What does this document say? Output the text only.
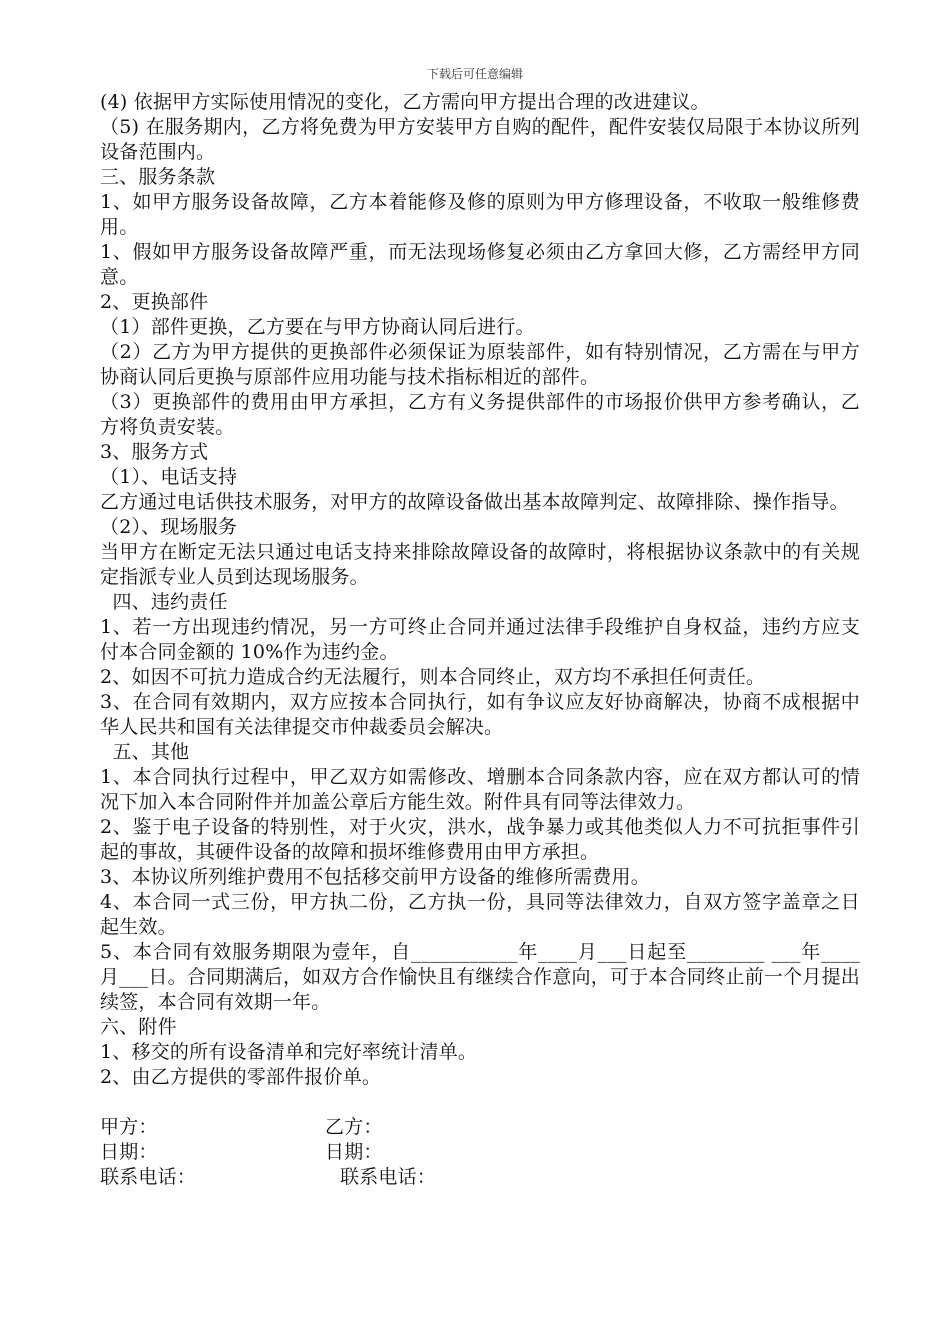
下载后可任意编辑

(4) 依据甲方实际使用情况的变化，乙方需向甲方提出合理的改进建议。

（5) 在服务期内，乙方将免费为甲方安装甲方自购的配件，配件安装仅局限于本协议所列设备范围内。

三、服务条款

1、如甲方服务设备故障，乙方本着能修及修的原则为甲方修理设备，不收取一般维修费用。

1、假如甲方服务设备故障严重，而无法现场修复必须由乙方拿回大修，乙方需经甲方同意。

2、更换部件

（1）部件更换，乙方要在与甲方协商认同后进行。

（2）乙方为甲方提供的更换部件必须保证为原装部件，如有特别情况，乙方需在与甲方协商认同后更换与原部件应用功能与技术指标相近的部件。

（3）更换部件的费用由甲方承担，乙方有义务提供部件的市场报价供甲方参考确认，乙方将负责安装。

3、服务方式

（1）、电话支持

乙方通过电话供技术服务，对甲方的故障设备做出基本故障判定、故障排除、操作指导。

（2）、现场服务

当甲方在断定无法只通过电话支持来排除故障设备的故障时，将根据协议条款中的有关规定指派专业人员到达现场服务。

四、违约责任

1、若一方出现违约情况，另一方可终止合同并通过法律手段维护自身权益，违约方应支付本合同金额的 10%作为违约金。

2、如因不可抗力造成合约无法履行，则本合同终止，双方均不承担任何责任。

3、在合同有效期内，双方应按本合同执行，如有争议应友好协商解决，协商不成根据中华人民共和国有关法律提交市仲裁委员会解决。

五、其他

1、本合同执行过程中，甲乙双方如需修改、增删本合同条款内容，应在双方都认可的情况下加入本合同附件并加盖公章后方能生效。附件具有同等法律效力。

2、鉴于电子设备的特别性，对于火灾，洪水，战争暴力或其他类似人力不可抗拒事件引起的事故，其硬件设备的故障和损坏维修费用由甲方承担。

3、本协议所列维护费用不包括移交前甲方设备的维修所需费用。

4、本合同一式三份，甲方执二份，乙方执一份，具同等法律效力，自双方签字盖章之日起生效。

5、本合同有效服务期限为壹年，自___________年____月___日起至________ ___年____月___日。合同期满后，如双方合作愉快且有继续合作意向，可于本合同终止前一个月提出续签，本合同有效期一年。

六、附件

1、移交的所有设备清单和完好率统计清单。

2、由乙方提供的零部件报价单。

甲方：	乙方：
日期：	日期：
联系电话：	联系电话：
